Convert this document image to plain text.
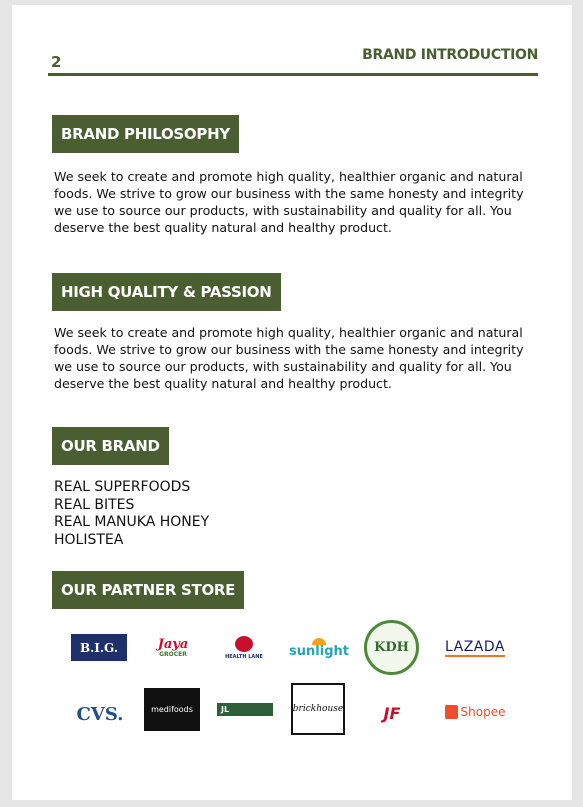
2	BRAND INTRODUCTION
BRAND PHILOSOPHY
We seek to create and promote high quality, healthier organic and natural foods. We strive to grow our business with the same honesty and integrity we use to source our products, with sustainability and quality for all. You deserve the best quality natural and healthy product.
HIGH QUALITY & PASSION
We seek to create and promote high quality, healthier organic and natural foods. We strive to grow our business with the same honesty and integrity we use to source our products, with sustainability and quality for all. You deserve the best quality natural and healthy product.
OUR BRAND
REAL SUPERFOODS
REAL BITES
REAL MANUKA HONEY
HOLISTEA
OUR PARTNER STORE
B.I.G.	Jaya
GROCER	HEALTH LANE sunlight KDH	LAZADA
CVS.	medifoods	JL	brickhouse	JF	Shopee
